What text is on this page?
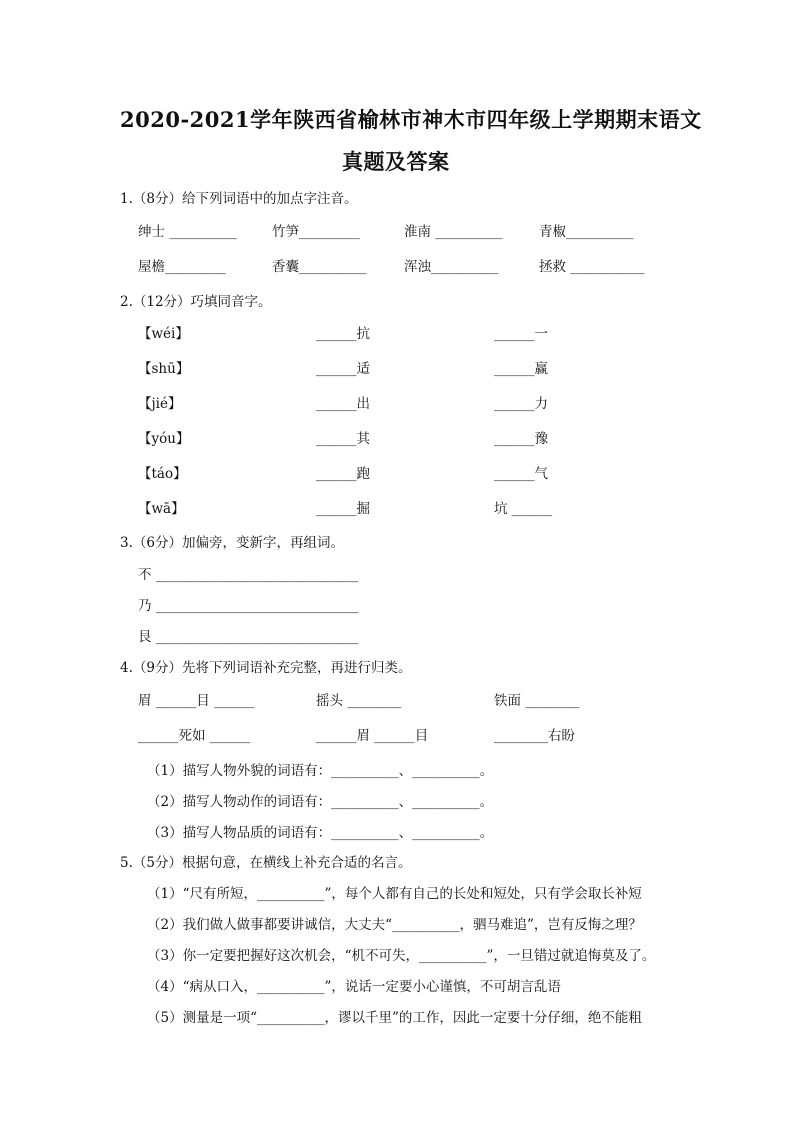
2020-2021学年陕西省榆林市神木市四年级上学期期末语文
真题及答案
1.（8分）给下列词语中的加点字注音。
绅士 __________	竹笋_________	淮南 __________	青椒__________
屋檐_________	香囊__________	浑浊__________	拯救 ___________
2.（12分）巧填同音字。
【wéi】	______抗	______一
【shū】	______适	______赢
【jié】	______出	______力
【yóu】	______其	______豫
【táo】	______跑	______气
【wā】	______掘	坑 ______
3.（6分）加偏旁，变新字，再组词。
不 ______________________________
乃 ______________________________
艮 ______________________________
4.（9分）先将下列词语补充完整，再进行归类。
眉 ______目 ______	摇头 ________	铁面 ________
______死如 ______	______眉 ______目	________右盼
（1）描写人物外貌的词语有：__________、__________。
（2）描写人物动作的词语有：__________、__________。
（3）描写人物品质的词语有：__________、__________。
5.（5分）根据句意，在横线上补充合适的名言。
（1）“尺有所短，__________”，每个人都有自己的长处和短处，只有学会取长补短
（2）我们做人做事都要讲诚信，大丈夫“__________，驷马难追”，岂有反悔之理？
（3）你一定要把握好这次机会，“机不可失，__________”，一旦错过就追悔莫及了。
（4）“病从口入，__________”，说话一定要小心谨慎，不可胡言乱语
（5）测量是一项“__________，谬以千里”的工作，因此一定要十分仔细，绝不能粗
